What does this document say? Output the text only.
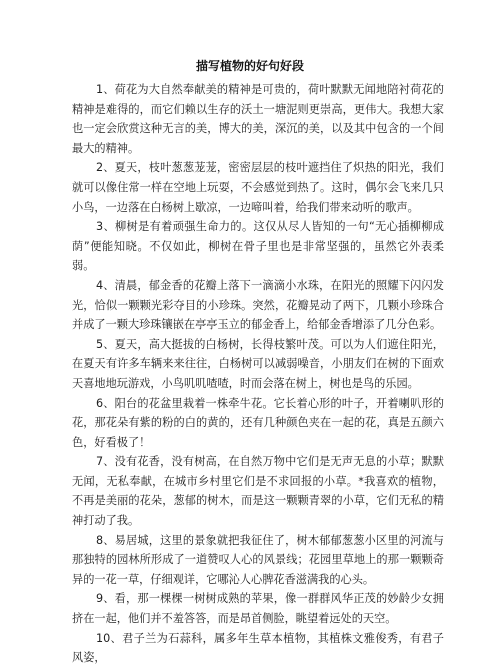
描写植物的好句好段

1、荷花为大自然奉献美的精神是可贵的，荷叶默默无闻地陪衬荷花的精神是难得的，而它们赖以生存的沃土一塘泥则更崇高，更伟大。我想大家也一定会欣赏这种无言的美，博大的美，深沉的美，以及其中包含的一个间最大的精神。

2、夏天，枝叶葱葱茏茏，密密层层的枝叶遮挡住了炽热的阳光，我们就可以像住常一样在空地上玩耍，不会感觉到热了。这时，偶尔会飞来几只小鸟，一边落在白杨树上歇凉，一边啼叫着，给我们带来动听的歌声。

3、柳树是有着顽强生命力的。这仅从尽人皆知的一句“无心插柳柳成荫”便能知晓。不仅如此，柳树在骨子里也是非常坚强的，虽然它外表柔弱。

4、清晨，郁金香的花瓣上落下一滴滴小水珠，在阳光的照耀下闪闪发光，恰似一颗颗光彩夺目的小珍珠。突然，花瓣晃动了两下，几颗小珍珠合并成了一颗大珍珠镶嵌在亭亭玉立的郁金香上，给郁金香增添了几分色彩。

5、夏天，高大挺拔的白杨树，长得枝繁叶茂。可以为人们遮住阳光，在夏天有许多车辆来来往往，白杨树可以减弱噪音，小朋友们在树的下面欢天喜地地玩游戏，小鸟叽叽喳喳，时而会落在树上，树也是鸟的乐园。

6、阳台的花盆里栽着一株牵牛花。它长着心形的叶子，开着喇叭形的花，那花朵有紫的粉的白的黄的，还有几种颜色夹在一起的花，真是五颜六色，好看极了！

7、没有花香，没有树高，在自然万物中它们是无声无息的小草；默默无闻，无私奉献，在城市乡村里它们是不求回报的小草。*我喜欢的植物，不再是美丽的花朵，葱郁的树木，而是这一颗颗青翠的小草，它们无私的精神打动了我。

8、易居城，这里的景象就把我征住了，树木郁郁葱葱小区里的河流与那独特的园林所形成了一道赞叹人心的风景线；花园里草地上的那一颗颗奇异的一花一草，仔细观详，它哪沁人心脾花香滋满我的心头。

9、看，那一棵棵一树树成熟的苹果，像一群群风华正茂的妙龄少女拥挤在一起，他们并不羞答答，而是昂首侧脸，眺望着远处的天空。

10、君子兰为石蒜科，属多年生草本植物，其植株文雅俊秀，有君子风姿，
